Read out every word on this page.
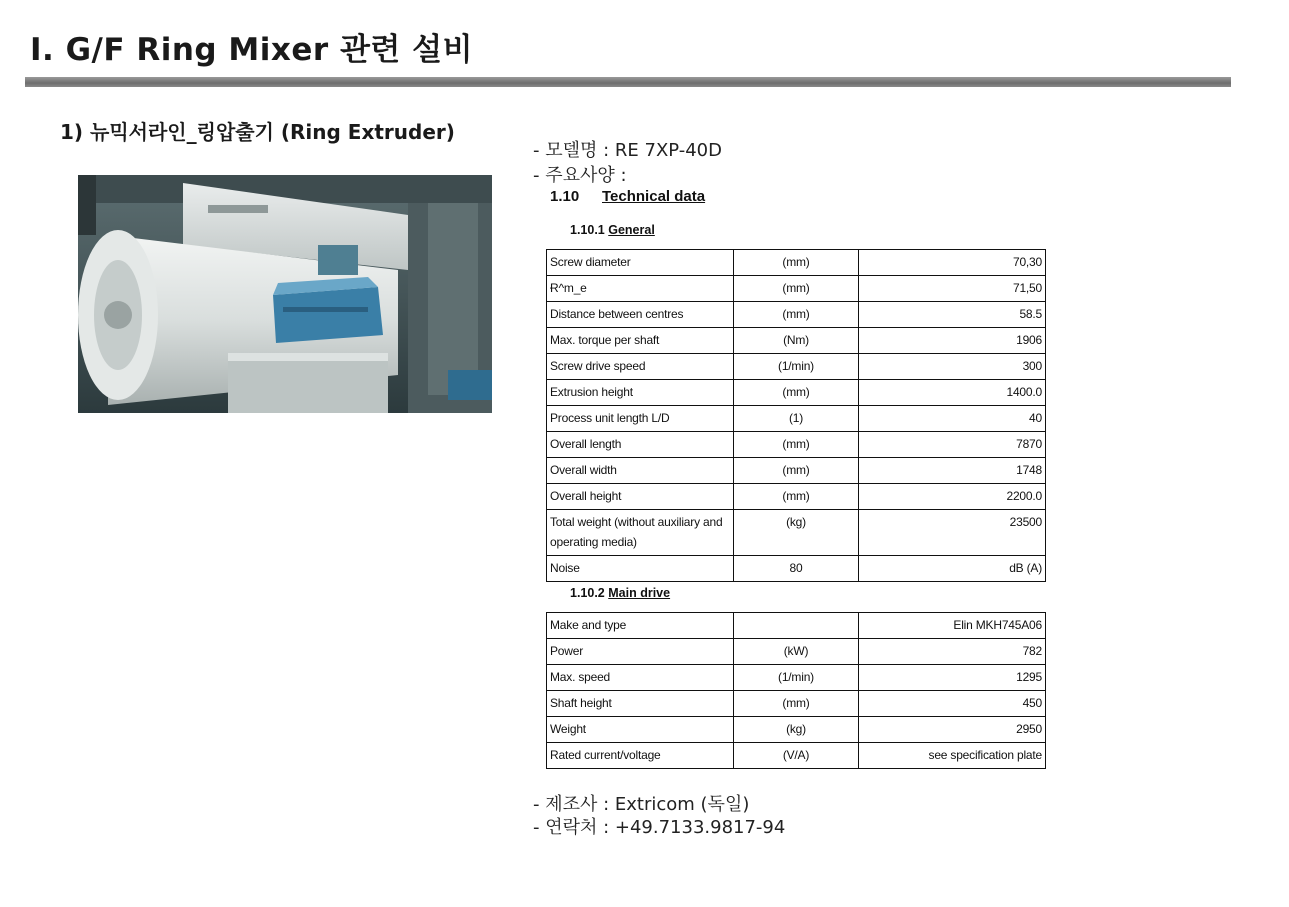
Ⅰ. G/F Ring Mixer 관련 설비
1) 뉴믹서라인_링압출기 (Ring Extruder)
- 모델명 : RE 7XP-40D
- 주요사양 :
1.10 Technical data
1.10.1 General
Screw diameter	(mm)	70,30
Ɍ^m_e	(mm)	71,50
Distance between centres	(mm)	58.5
Max. torque per shaft	(Nm)	1906
Screw drive speed	(1/min)	300
Extrusion height	(mm)	1400.0
Process unit length L/D	(1)	40
Overall length	(mm)	7870
Overall width	(mm)	1748
Overall height	(mm)	2200.0
Total weight (without auxiliary and operating media)	(kg)	23500
Noise	80	dB (A)
1.10.2 Main drive
Make and type		Elin MKH745A06
Power	(kW)	782
Max. speed	(1/min)	1295
Shaft height	(mm)	450
Weight	(kg)	2950
Rated current/voltage	(V/A)	see specification plate
- 제조사 : Extricom (독일)
- 연락처 : +49.7133.9817-94
